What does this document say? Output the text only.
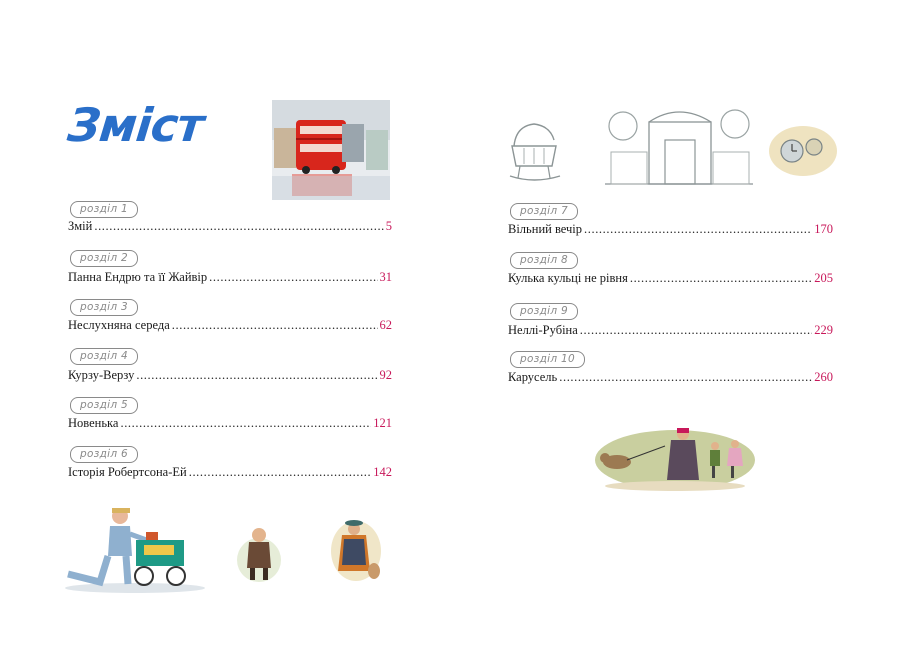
Зміст
розділ 1
Змій .....	5
розділ 2
Панна Ендрю та її Жайвір .....	31
розділ 3
Неслухняна середа .....	62
розділ 4
Курзу-Верзу .....	92
розділ 5
Новенька .....	121
розділ 6
Історія Робертсона-Ей .....	142
розділ 7
Вільний вечір .....	170
розділ 8
Кулька кульці не рівня .....	205
розділ 9
Неллі-Рубіна .....	229
розділ 10
Карусель .....	260
